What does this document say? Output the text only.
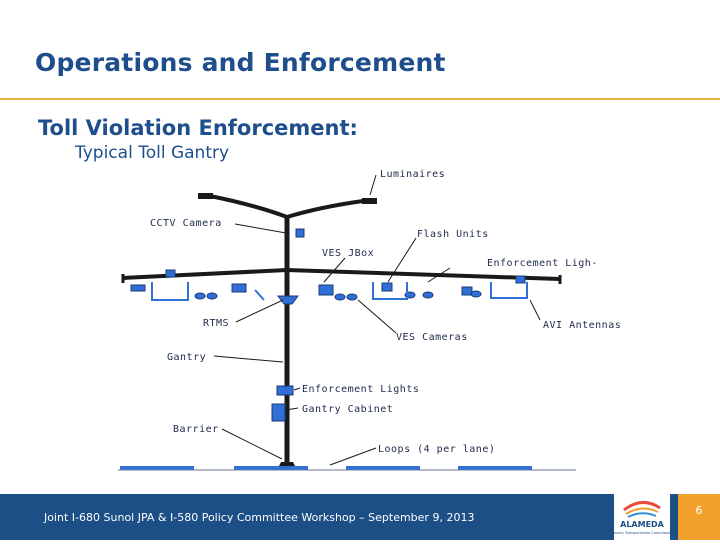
Operations and Enforcement
Toll Violation Enforcement:
Typical Toll Gantry
Luminaires
CCTV Camera
Flash Units
VES JBox
Enforcement Ligh-
RTMS	AVI Antennas
VES Cameras
Gantry
Enforcement Lights
Gantry Cabinet
Barrier
Loops (4 per lane)
Joint I-680 Sunol JPA & I-580 Policy Committee Workshop – September 9, 2013
ALAMEDA
County Transportation Commission
6
